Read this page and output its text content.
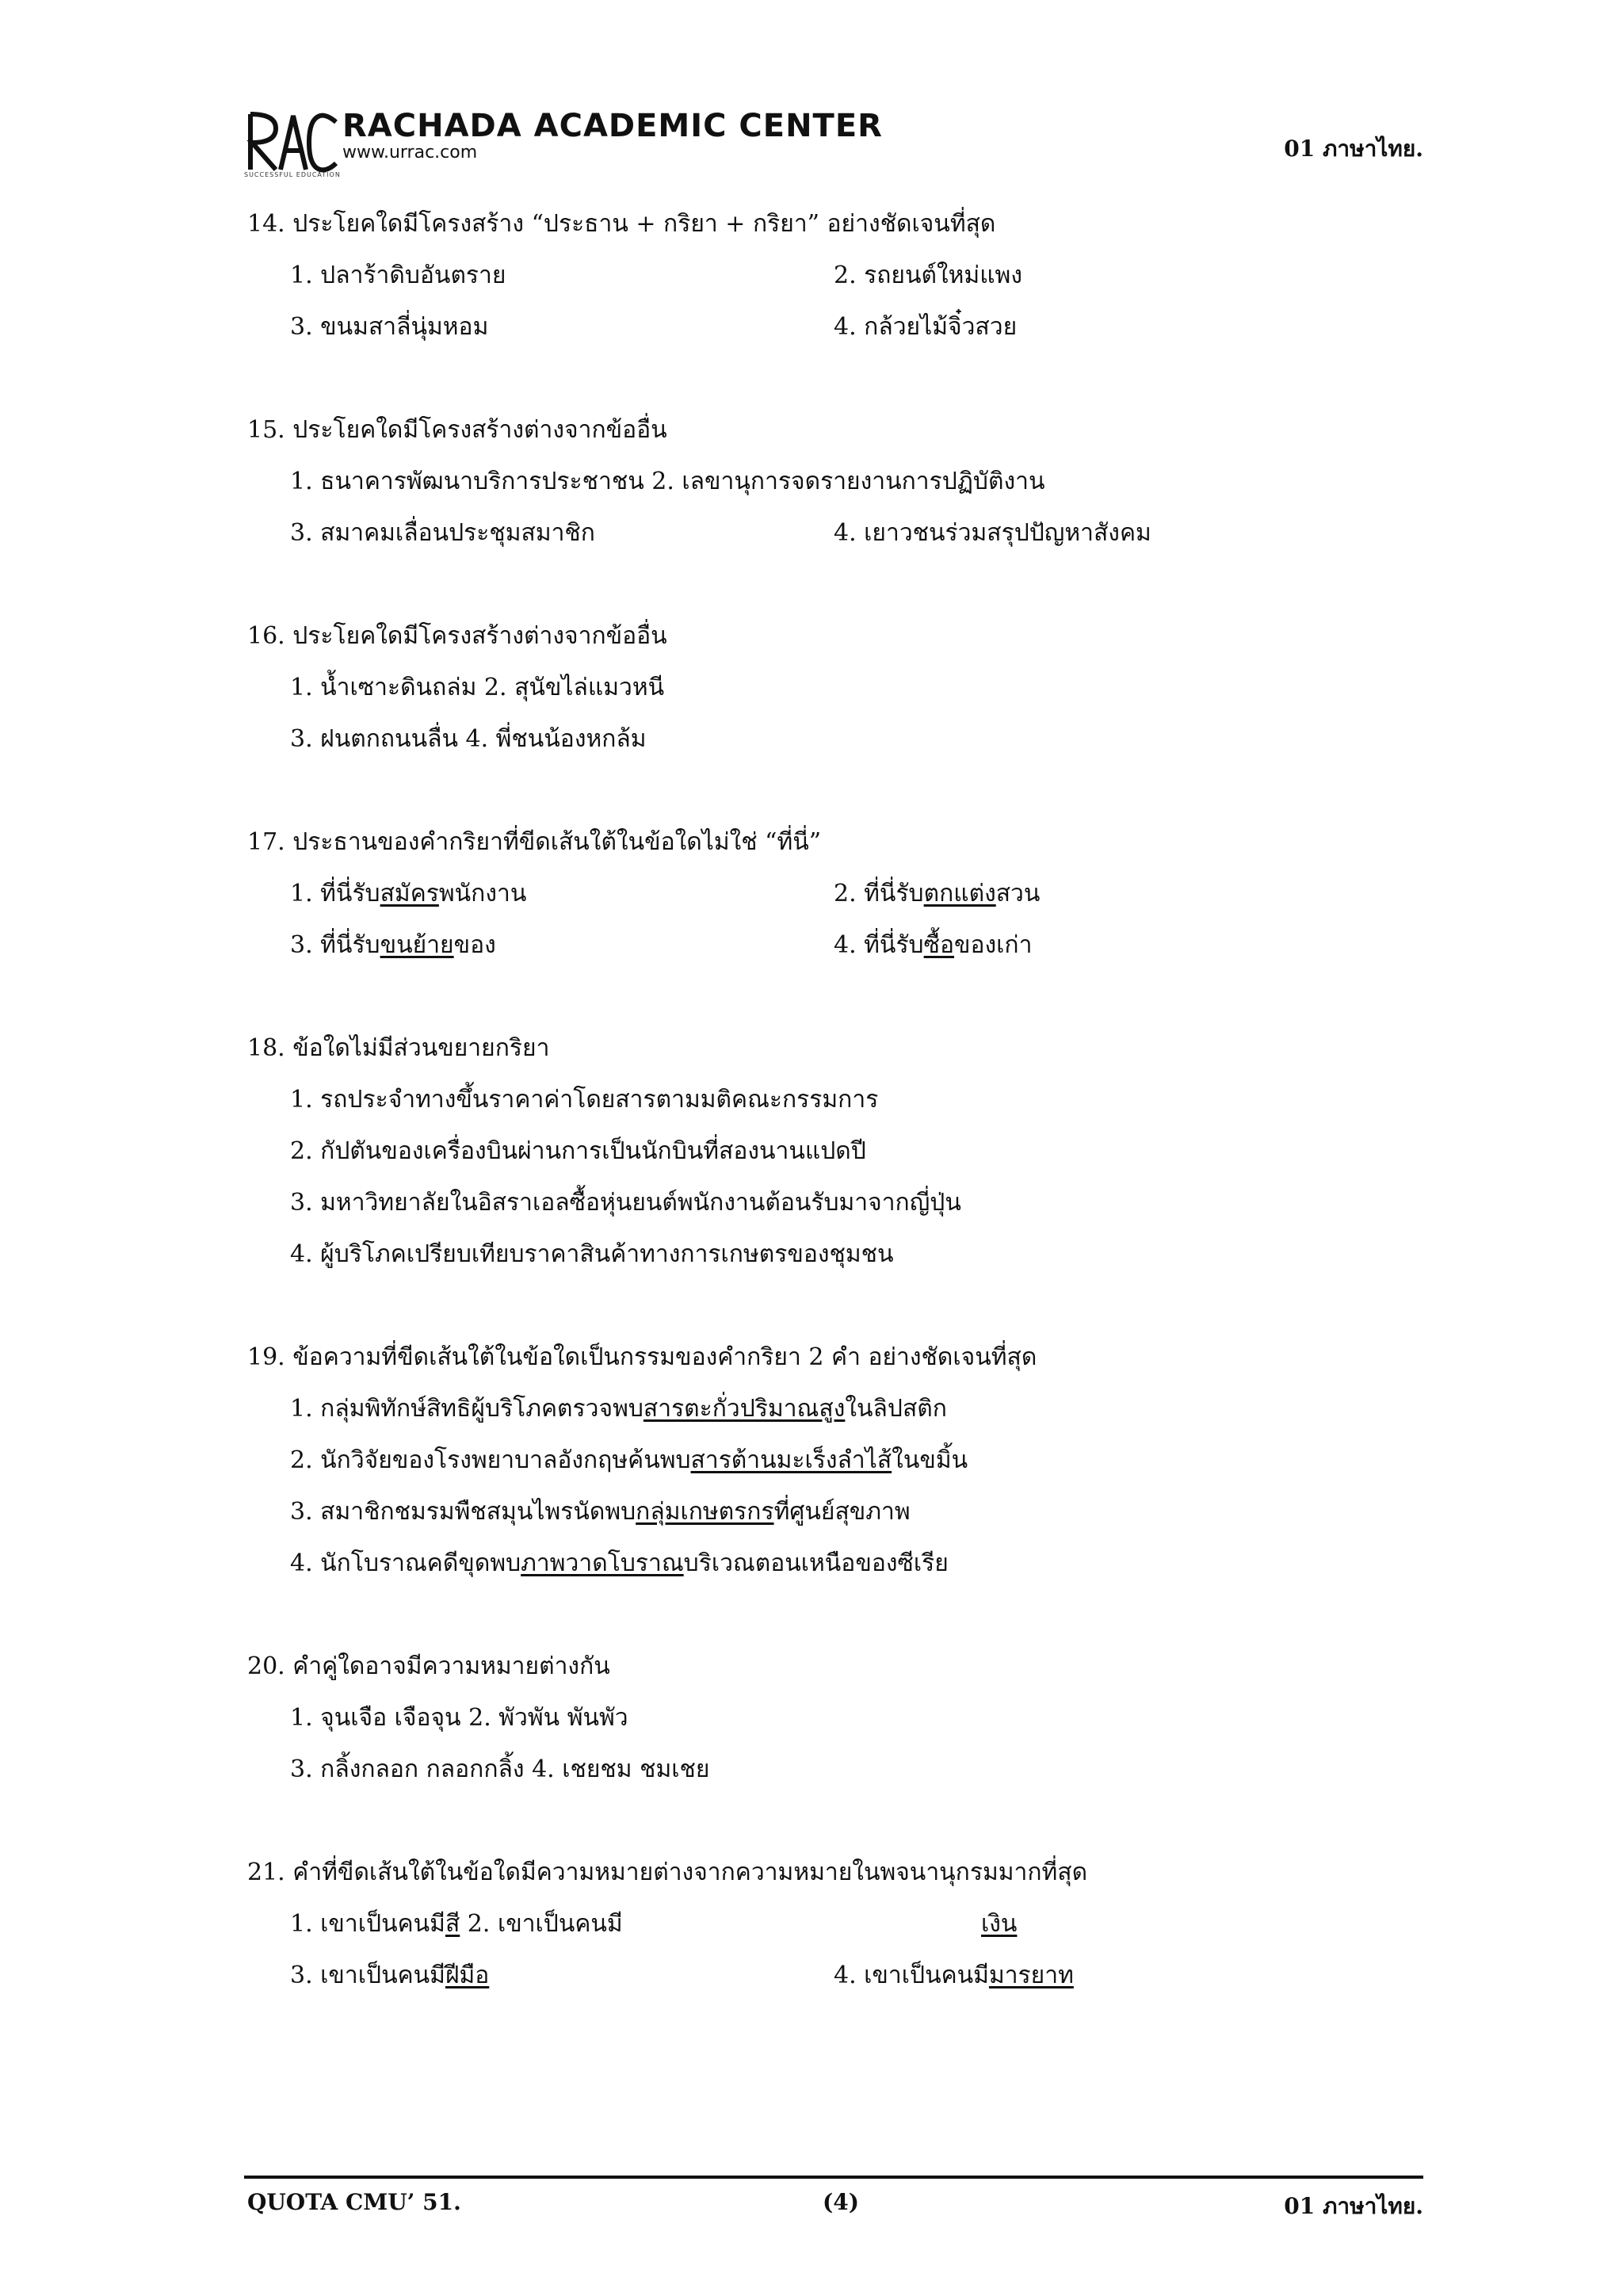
RACHADA ACADEMIC CENTER
www.urrac.com
SUCCESSFUL EDUCATION
01 ภาษาไทย.
14. ประโยคใดมีโครงสร้าง “ประธาน + กริยา + กริยา” อย่างชัดเจนที่สุด
1. ปลาร้าดิบอันตราย	2. รถยนต์ใหม่แพง
3. ขนมสาลี่นุ่มหอม	4. กล้วยไม้จิ๋วสวย
15. ประโยคใดมีโครงสร้างต่างจากข้ออื่น
1. ธนาคารพัฒนาบริการประชาชน 2. เลขานุการจดรายงานการปฏิบัติงาน
3. สมาคมเลื่อนประชุมสมาชิก	4. เยาวชนร่วมสรุปปัญหาสังคม
16. ประโยคใดมีโครงสร้างต่างจากข้ออื่น
1. น้ำเซาะดินถล่ม 2. สุนัขไล่แมวหนี
3. ฝนตกถนนลื่น 4. พี่ชนน้องหกล้ม
17. ประธานของคำกริยาที่ขีดเส้นใต้ในข้อใดไม่ใช่ “ที่นี่”
1. ที่นี่รับสมัครพนักงาน	2. ที่นี่รับตกแต่งสวน
3. ที่นี่รับขนย้ายของ	4. ที่นี่รับซื้อของเก่า
18. ข้อใดไม่มีส่วนขยายกริยา
1. รถประจำทางขึ้นราคาค่าโดยสารตามมติคณะกรรมการ
2. กัปตันของเครื่องบินผ่านการเป็นนักบินที่สองนานแปดปี
3. มหาวิทยาลัยในอิสราเอลซื้อหุ่นยนต์พนักงานต้อนรับมาจากญี่ปุ่น
4. ผู้บริโภคเปรียบเทียบราคาสินค้าทางการเกษตรของชุมชน
19. ข้อความที่ขีดเส้นใต้ในข้อใดเป็นกรรมของคำกริยา 2 คำ อย่างชัดเจนที่สุด
1. กลุ่มพิทักษ์สิทธิผู้บริโภคตรวจพบสารตะกั่วปริมาณสูงในลิปสติก
2. นักวิจัยของโรงพยาบาลอังกฤษค้นพบสารต้านมะเร็งลำไส้ในขมิ้น
3. สมาชิกชมรมพืชสมุนไพรนัดพบกลุ่มเกษตรกรที่ศูนย์สุขภาพ
4. นักโบราณคดีขุดพบภาพวาดโบราณบริเวณตอนเหนือของซีเรีย
20. คำคู่ใดอาจมีความหมายต่างกัน
1. จุนเจือ เจือจุน 2. พัวพัน พันพัว
3. กลิ้งกลอก กลอกกลิ้ง 4. เชยชม ชมเชย
21. คำที่ขีดเส้นใต้ในข้อใดมีความหมายต่างจากความหมายในพจนานุกรมมากที่สุด
1. เขาเป็นคนมีสี 2. เขาเป็นคนมี	เงิน
3. เขาเป็นคนมีฝีมือ	4. เขาเป็นคนมีมารยาท
QUOTA CMU’ 51.	(4)	01 ภาษาไทย.
